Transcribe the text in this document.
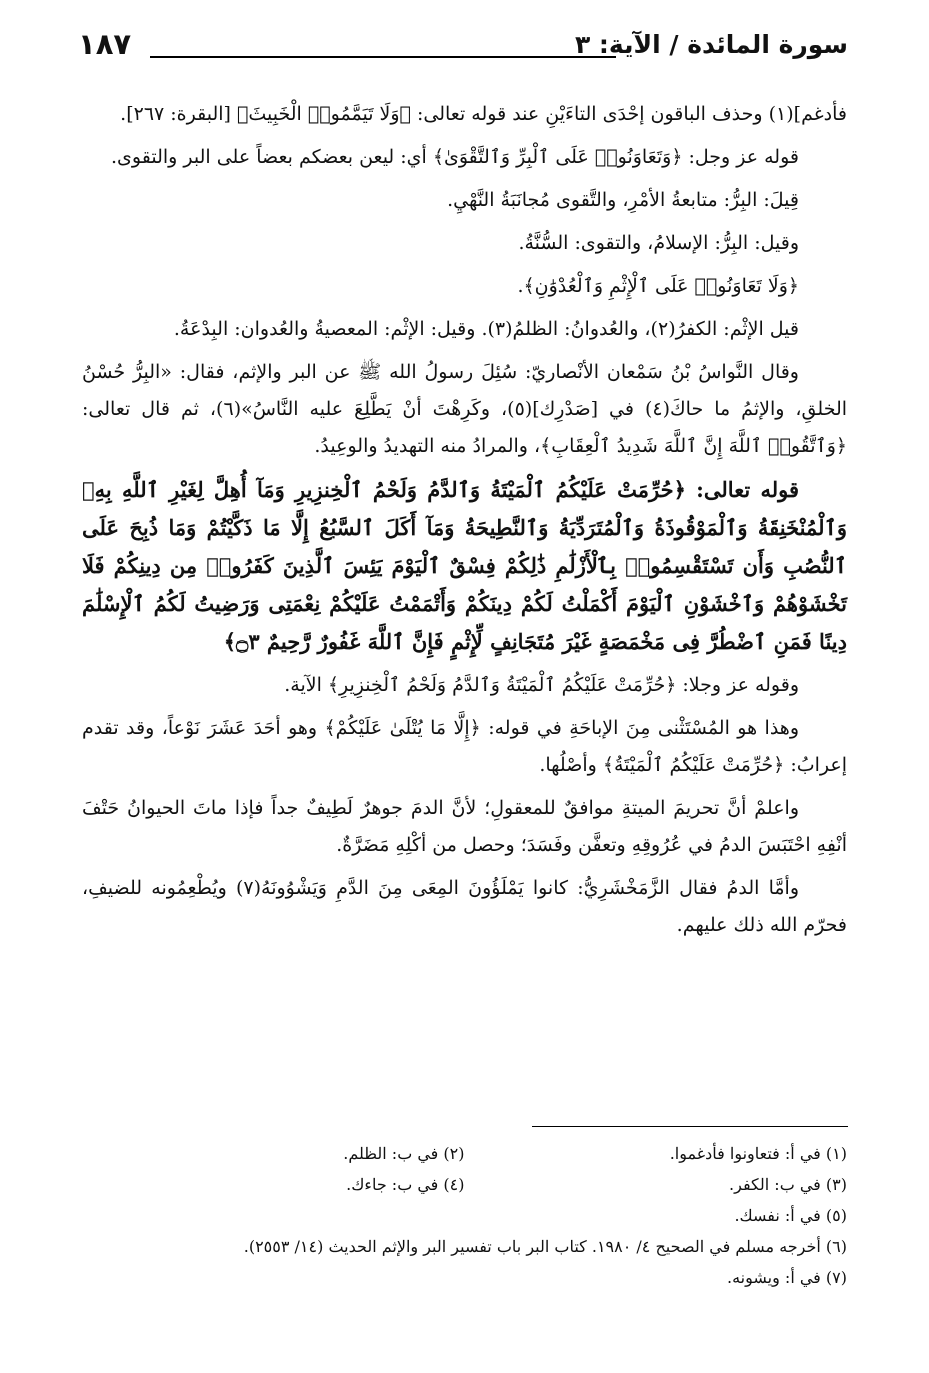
سورة المائدة / الآية: ٣
١٨٧

فأدغم](١) وحذف الباقون إحْدَى التاءَيْنِ عند قوله تعالى: ﴿وَلَا تَيَمَّمُوا۟ الْخَبِيثَ﴾ [البقرة: ٢٦٧].

قوله عز وجل: ﴿وَتَعَاوَنُوا۟ عَلَى ٱلْبِرِّ وَٱلتَّقْوَىٰ﴾ أي: ليعن بعضكم بعضاً على البر والتقوى.

قِيلَ: البِرُّ: متابعةُ الأمْرِ، والتَّقوى مُجانَبَةُ النَّهْيِ.

وقيل: البِرُّ: الإسلامُ، والتقوى: السُّنَّةُ.

﴿وَلَا تَعَاوَنُوا۟ عَلَى ٱلْإِثْمِ وَٱلْعُدْوَٰنِ﴾.

قيل الإثْم: الكفرُ(٢)، والعُدوانُ: الظلمُ(٣). وقيل: الإثْم: المعصيةُ والعُدوان: البِدْعَةُ.

وقال النَّواسُ بْنُ سَمْعان الأنْصاريّ: سُئِلَ رسولُ الله ﷺ عن البر والإثم، فقال: «البِرُّ حُسْنُ الخلقِ، والإثمُ ما حاكَ(٤) في [صَدْرِك](٥)، وكَرِهْتَ أنْ يَطَّلِعَ عليه النَّاسُ»(٦)، ثم قال تعالى: ﴿وَٱتَّقُوا۟ ٱللَّهَ إِنَّ ٱللَّهَ شَدِيدُ ٱلْعِقَابِ﴾، والمرادُ منه التهديدُ والوعِيدُ.

قوله تعالى: ﴿حُرِّمَتْ عَلَيْكُمُ ٱلْمَيْتَةُ وَٱلدَّمُ وَلَحْمُ ٱلْخِنزِيرِ وَمَآ أُهِلَّ لِغَيْرِ ٱللَّهِ بِهِۦ وَٱلْمُنْخَنِقَةُ وَٱلْمَوْقُوذَةُ وَٱلْمُتَرَدِّيَةُ وَٱلنَّطِيحَةُ وَمَآ أَكَلَ ٱلسَّبُعُ إِلَّا مَا ذَكَّيْتُمْ وَمَا ذُبِحَ عَلَى ٱلنُّصُبِ وَأَن تَسْتَقْسِمُوا۟ بِٱلْأَزْلَٰمِ ذَٰلِكُمْ فِسْقٌ ٱلْيَوْمَ يَئِسَ ٱلَّذِينَ كَفَرُوا۟ مِن دِينِكُمْ فَلَا تَخْشَوْهُمْ وَٱخْشَوْنِ ٱلْيَوْمَ أَكْمَلْتُ لَكُمْ دِينَكُمْ وَأَتْمَمْتُ عَلَيْكُمْ نِعْمَتِى وَرَضِيتُ لَكُمُ ٱلْإِسْلَٰمَ دِينًا فَمَنِ ٱضْطُرَّ فِى مَخْمَصَةٍ غَيْرَ مُتَجَانِفٍ لِّإِثْمٍ فَإِنَّ ٱللَّهَ غَفُورٌ رَّحِيمٌ ۝٣﴾

وقوله عز وجلا: ﴿حُرِّمَتْ عَلَيْكُمُ ٱلْمَيْتَةُ وَٱلدَّمُ وَلَحْمُ ٱلْخِنزِيرِ﴾ الآية.

وهذا هو المُسْتَثْنى مِنَ الإباحَةِ في قوله: ﴿إِلَّا مَا يُتْلَىٰ عَلَيْكُمْ﴾ وهو أحَدَ عَشَرَ نَوْعاً، وقد تقدم إعرابُ: ﴿حُرِّمَتْ عَلَيْكُمُ ٱلْمَيْتَةُ﴾ وأصْلُها.

واعلمْ أنَّ تحريمَ الميتةِ موافقٌ للمعقولِ؛ لأنَّ الدمَ جوهرٌ لَطِيفٌ جداً فإذا ماتَ الحيوانُ حَتْفَ أنْفِهِ احْتَبَسَ الدمُ في عُرُوقِهِ وتعفَّن وفَسَدَ؛ وحصل من أكْلِهِ مَضَرَّةٌ.

وأمَّا الدمُ فقال الزَّمَخْشَرِيُّ: كانوا يَمْلَؤُونَ المِعَى مِنَ الدَّمِ وَيَشْوُونَهُ(٧) ويُطْعِمُونه للضيفِ، فحرّم الله ذلك عليهم.

(١) في أ: فتعاونوا فأدغموا.
(٢) في ب: الظلم.
(٣) في ب: الكفر.
(٤) في ب: جاءك.
(٥) في أ: نفسك.
(٦) أخرجه مسلم في الصحيح ٤/ ١٩٨٠. كتاب البر باب تفسير البر والإثم الحديث (١٤/ ٢٥٥٣).
(٧) في أ: ويشونه.
